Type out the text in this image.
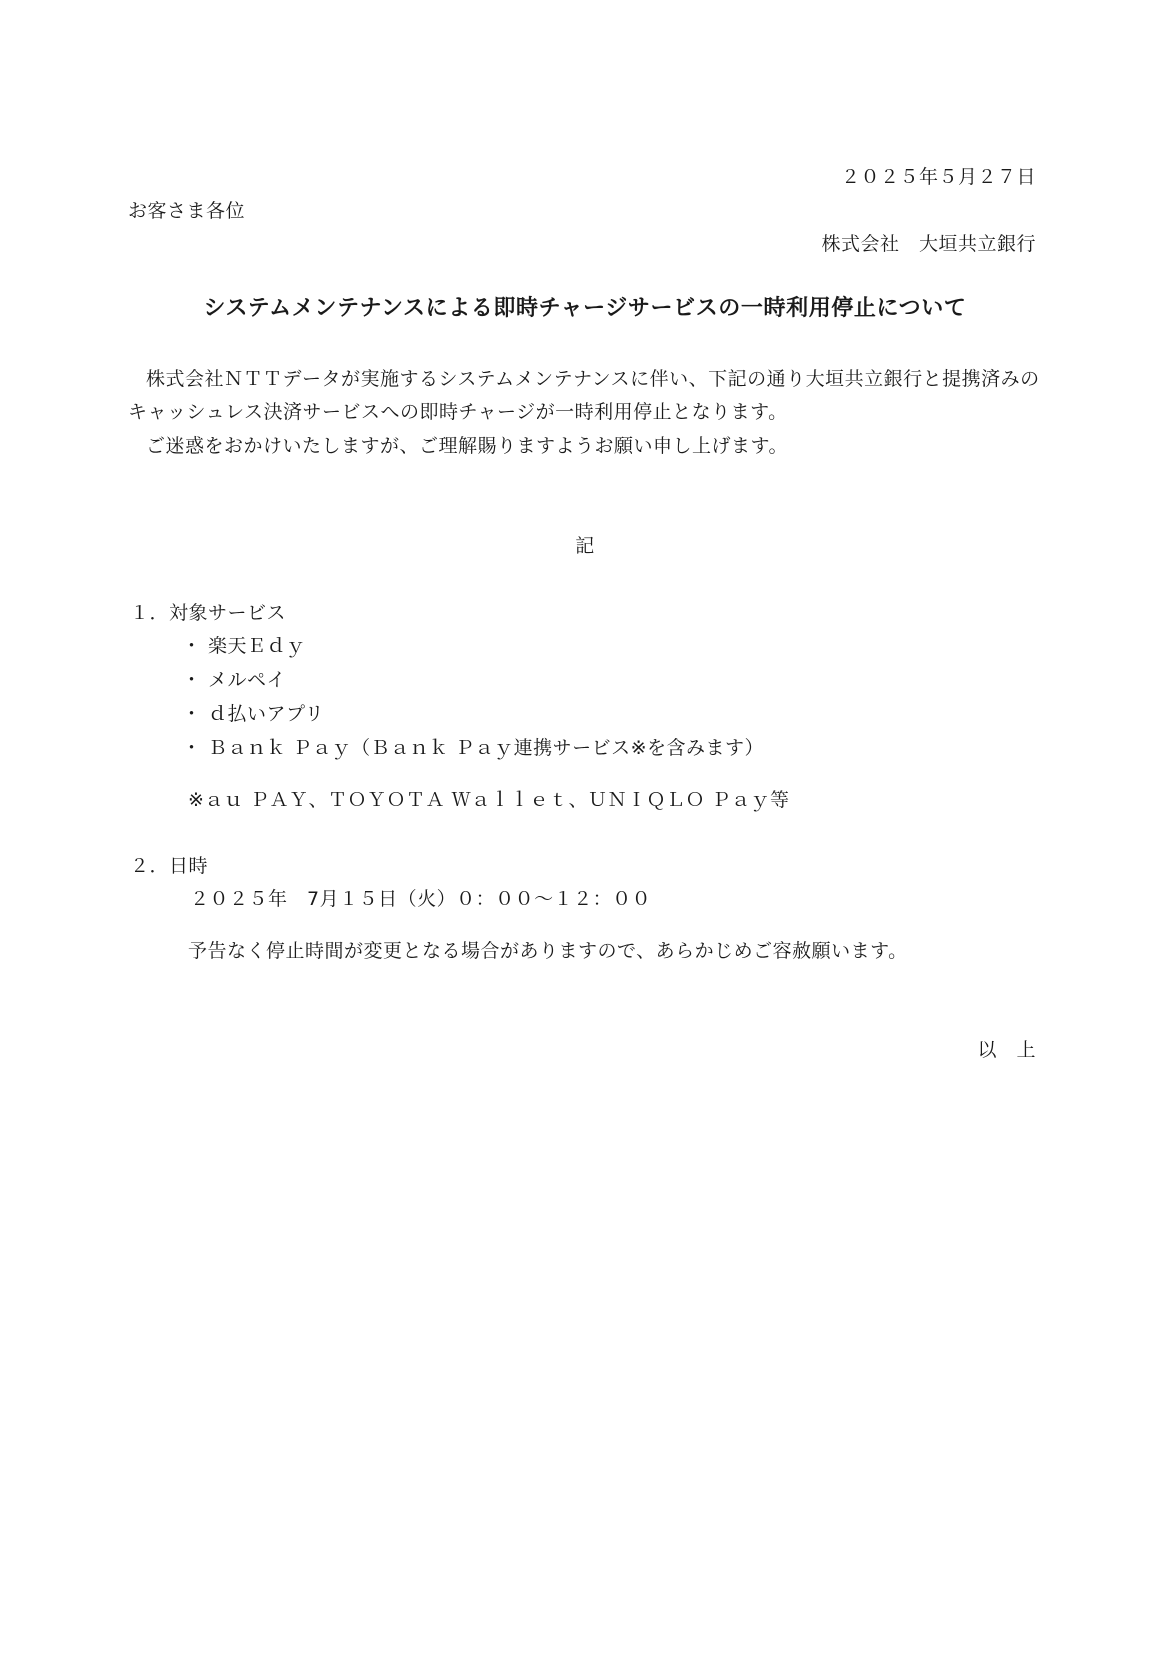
２０２５年５月２７日
お客さま各位
株式会社　大垣共立銀行
システムメンテナンスによる即時チャージサービスの一時利用停止について
株式会社ＮＴＴデータが実施するシステムメンテナンスに伴い、下記の通り大垣共立銀行と提携済みの
キャッシュレス決済サービスへの即時チャージが一時利用停止となります。
ご迷惑をおかけいたしますが、ご理解賜りますようお願い申し上げます。
記
１．対象サービス
・ 楽天Ｅｄｙ
・ メルペイ
・ ｄ払いアプリ
・ Ｂａｎｋ Ｐａｙ（Ｂａｎｋ Ｐａｙ連携サービス※を含みます）
※ａｕ ＰＡＹ、ＴＯＹＯＴＡ Ｗａｌｌｅｔ、ＵＮＩＱＬＯ Ｐａｙ等
２．日時
２０２５年　7月１５日（火）０：００～１２：００
予告なく停止時間が変更となる場合がありますので、あらかじめご容赦願います。
以　上
